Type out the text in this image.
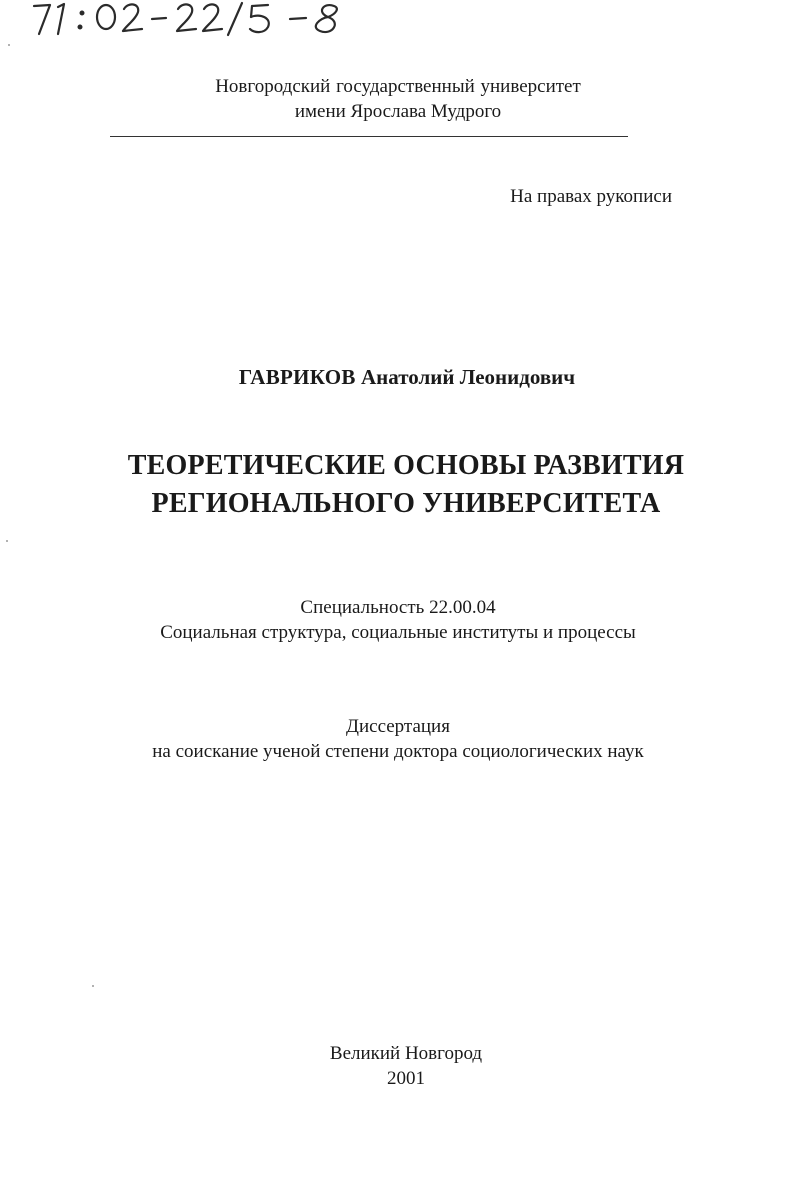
Новгородский государственный университет
имени Ярослава Мудрого
На правах рукописи
ГАВРИКОВ Анатолий Леонидович
ТЕОРЕТИЧЕСКИЕ ОСНОВЫ РАЗВИТИЯ
РЕГИОНАЛЬНОГО УНИВЕРСИТЕТА
Специальность 22.00.04
Социальная структура, социальные институты и процессы
Диссертация
на соискание ученой степени доктора социологических наук
Великий Новгород
2001
